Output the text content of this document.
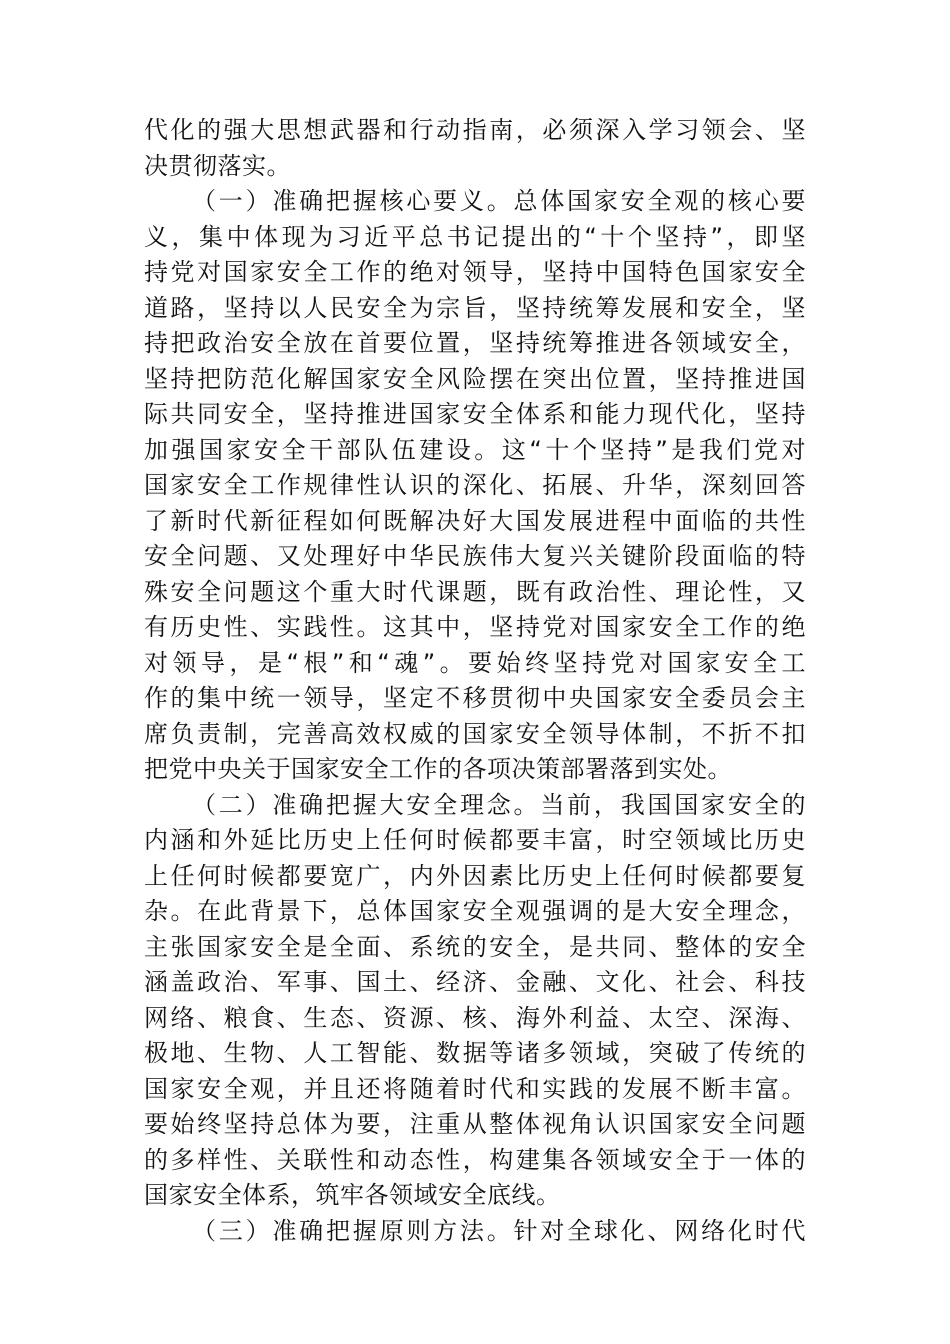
代化的强大思想武器和行动指南，必须深入学习领会、坚
决贯彻落实。
（一）准确把握核心要义。总体国家安全观的核心要
义，集中体现为习近平总书记提出的“十个坚持”，即坚
持党对国家安全工作的绝对领导，坚持中国特色国家安全
道路，坚持以人民安全为宗旨，坚持统筹发展和安全，坚
持把政治安全放在首要位置，坚持统筹推进各领域安全，
坚持把防范化解国家安全风险摆在突出位置，坚持推进国
际共同安全，坚持推进国家安全体系和能力现代化，坚持
加强国家安全干部队伍建设。这“十个坚持”是我们党对
国家安全工作规律性认识的深化、拓展、升华，深刻回答
了新时代新征程如何既解决好大国发展进程中面临的共性
安全问题、又处理好中华民族伟大复兴关键阶段面临的特
殊安全问题这个重大时代课题，既有政治性、理论性，又
有历史性、实践性。这其中，坚持党对国家安全工作的绝
对领导，是“根”和“魂”。要始终坚持党对国家安全工
作的集中统一领导，坚定不移贯彻中央国家安全委员会主
席负责制，完善高效权威的国家安全领导体制，不折不扣
把党中央关于国家安全工作的各项决策部署落到实处。
（二）准确把握大安全理念。当前，我国国家安全的
内涵和外延比历史上任何时候都要丰富，时空领域比历史
上任何时候都要宽广，内外因素比历史上任何时候都要复
杂。在此背景下，总体国家安全观强调的是大安全理念，
主张国家安全是全面、系统的安全，是共同、整体的安全
涵盖政治、军事、国土、经济、金融、文化、社会、科技
网络、粮食、生态、资源、核、海外利益、太空、深海、
极地、生物、人工智能、数据等诸多领域，突破了传统的
国家安全观，并且还将随着时代和实践的发展不断丰富。
要始终坚持总体为要，注重从整体视角认识国家安全问题
的多样性、关联性和动态性，构建集各领域安全于一体的
国家安全体系，筑牢各领域安全底线。
（三）准确把握原则方法。针对全球化、网络化时代
